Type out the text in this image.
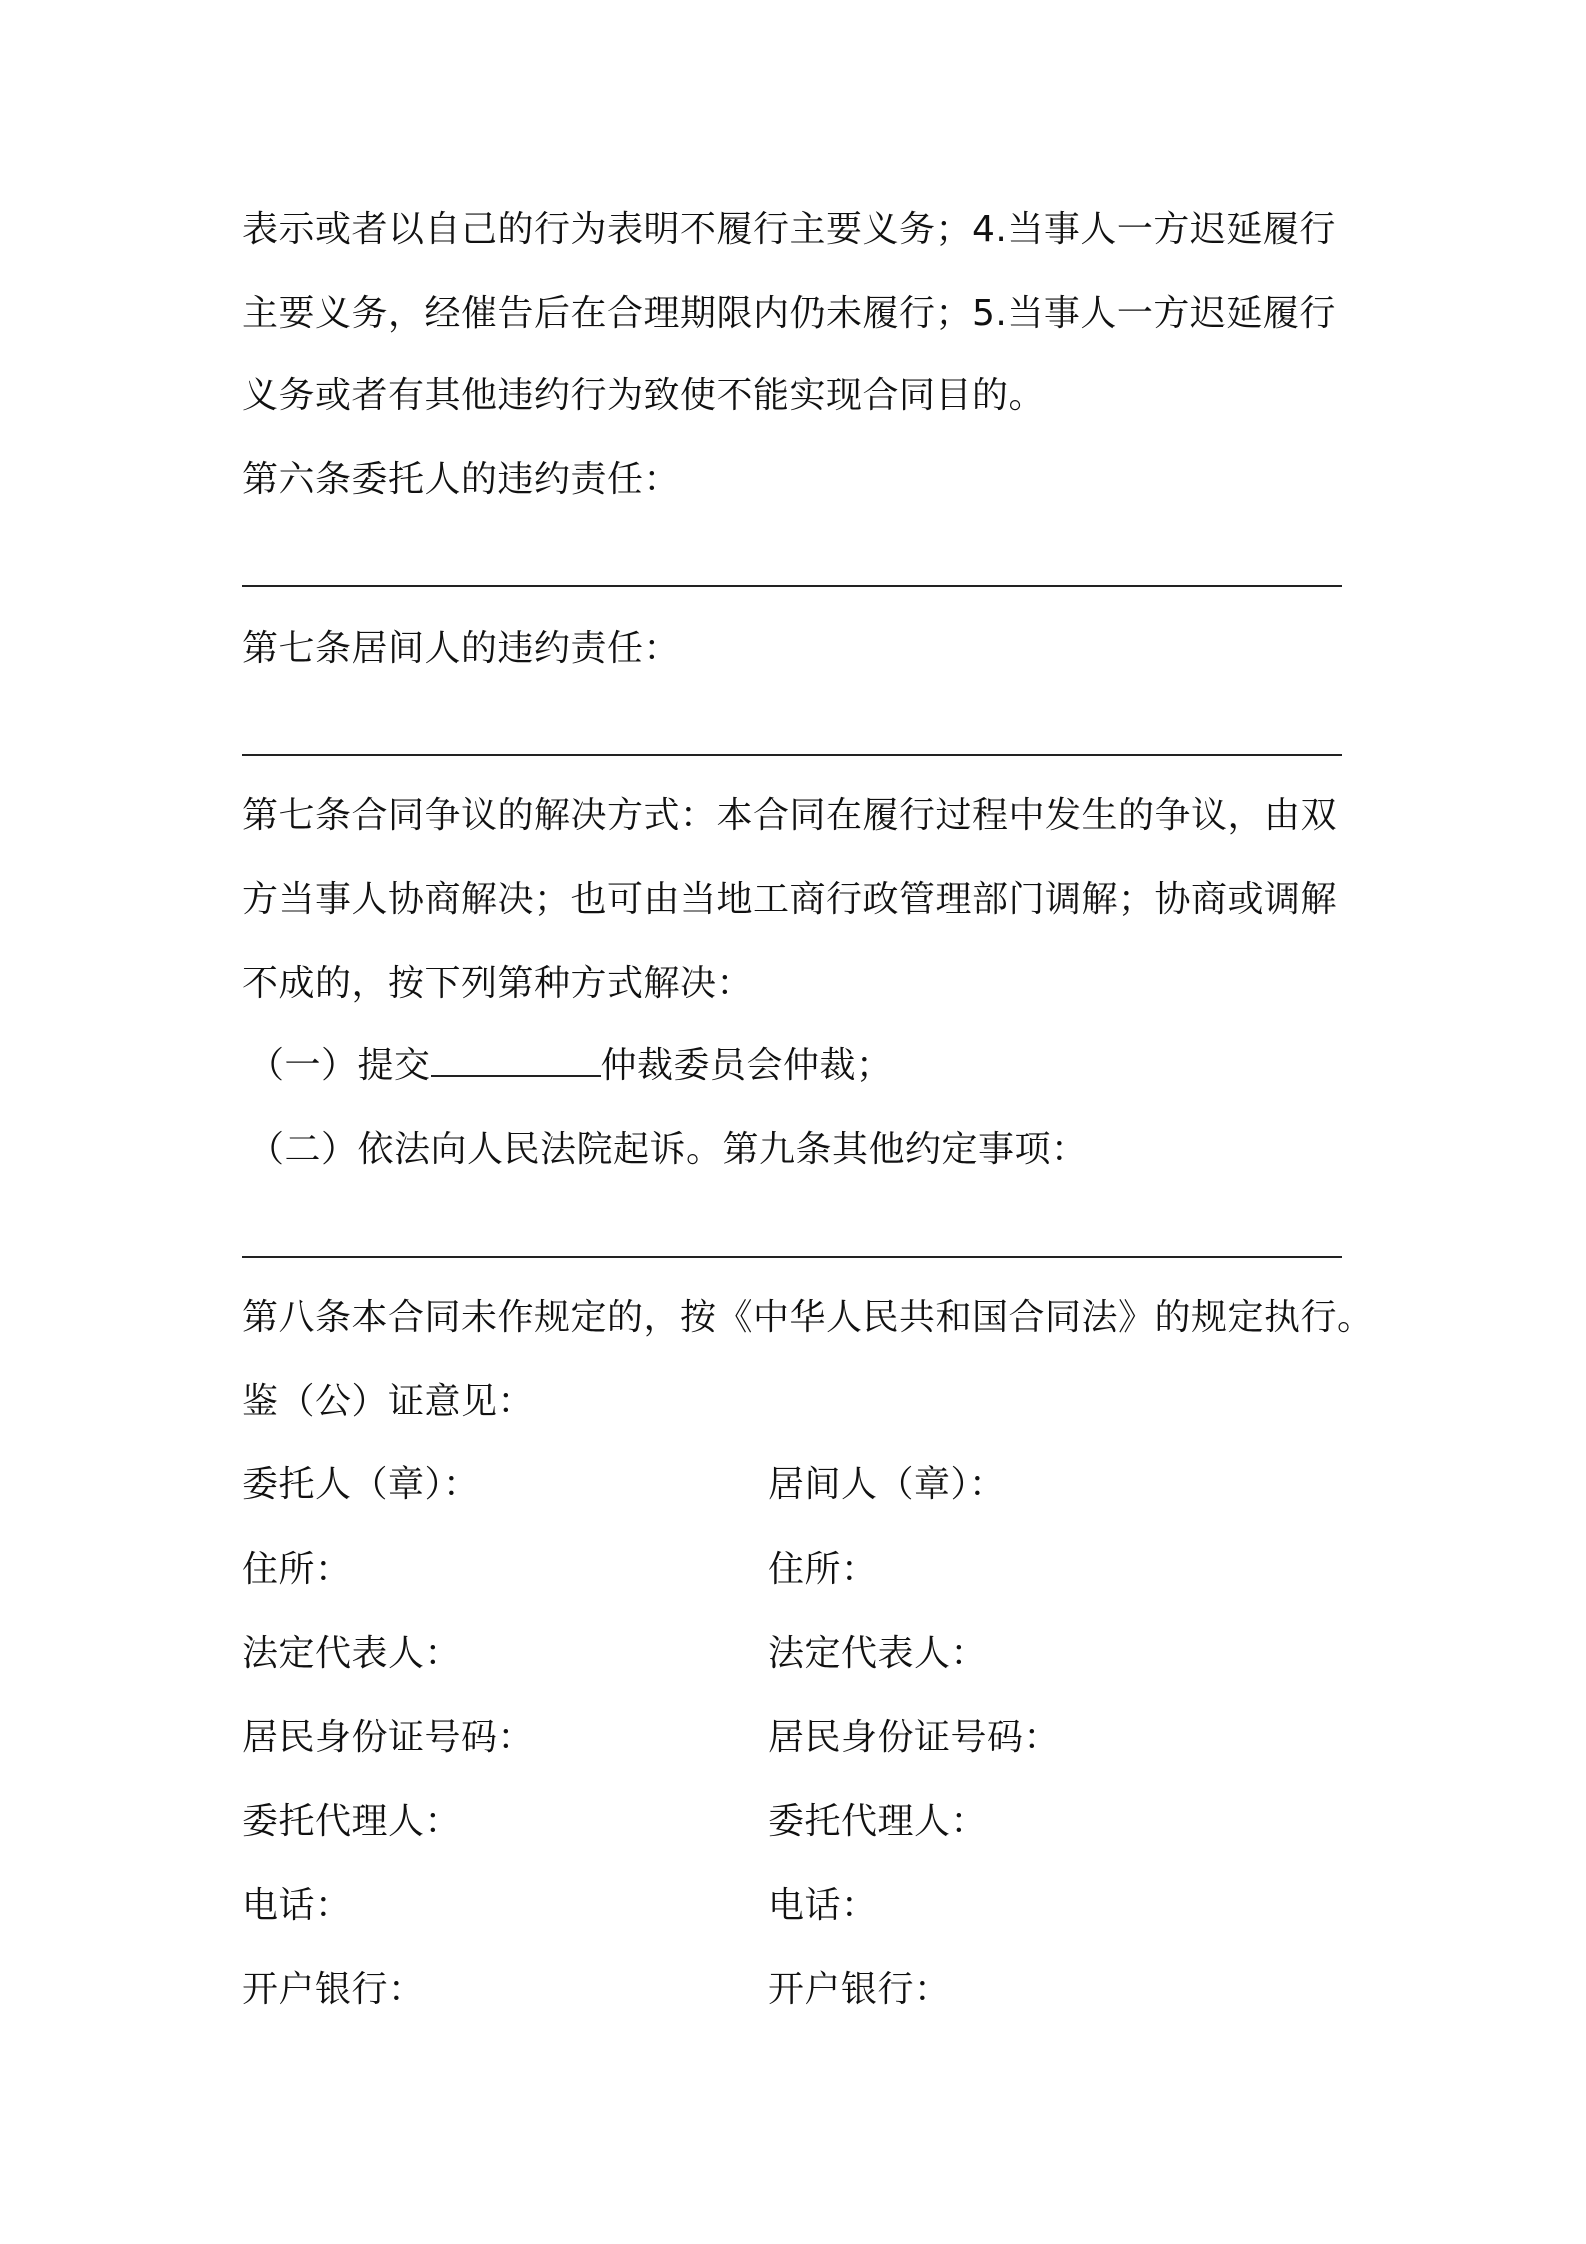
表示或者以自己的行为表明不履行主要义务；4.当事人一方迟延履行
主要义务，经催告后在合理期限内仍未履行；5.当事人一方迟延履行
义务或者有其他违约行为致使不能实现合同目的。
第六条委托人的违约责任：
第七条居间人的违约责任：
第七条合同争议的解决方式：本合同在履行过程中发生的争议，由双
方当事人协商解决；也可由当地工商行政管理部门调解；协商或调解
不成的，按下列第种方式解决：
（一）提交	仲裁委员会仲裁；
（二）依法向人民法院起诉。第九条其他约定事项：
第八条本合同未作规定的，按《中华人民共和国合同法》的规定执行。
鉴（公）证意见：
委托人（章）：	居间人（章）：
住所：	住所：
法定代表人：	法定代表人：
居民身份证号码：	居民身份证号码：
委托代理人：	委托代理人：
电话：	电话：
开户银行：	开户银行：
